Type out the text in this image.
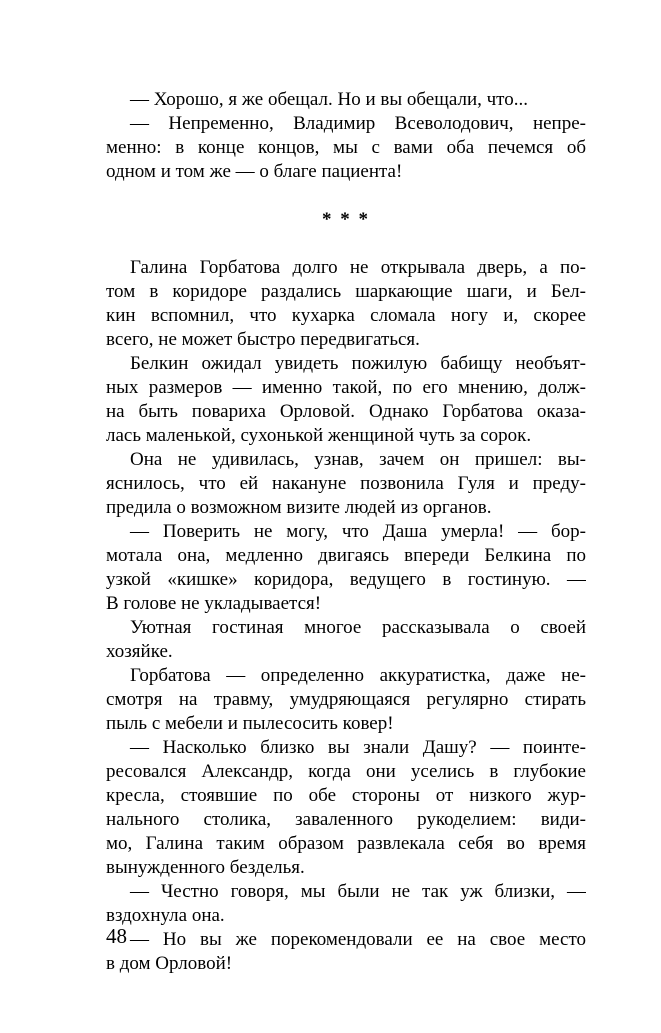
— Хорошо, я же обещал. Но и вы обещали, что...
— Непременно, Владимир Всеволодович, непре-
менно: в конце концов, мы с вами оба печемся об
одном и том же — о благе пациента!
* * *
Галина Горбатова долго не открывала дверь, а по-
том в коридоре раздались шаркающие шаги, и Бел-
кин вспомнил, что кухарка сломала ногу и, скорее
всего, не может быстро передвигаться.
Белкин ожидал увидеть пожилую бабищу необъят-
ных размеров — именно такой, по его мнению, долж-
на быть повариха Орловой. Однако Горбатова оказа-
лась маленькой, сухонькой женщиной чуть за сорок.
Она не удивилась, узнав, зачем он пришел: вы-
яснилось, что ей накануне позвонила Гуля и преду-
предила о возможном визите людей из органов.
— Поверить не могу, что Даша умерла! — бор-
мотала она, медленно двигаясь впереди Белкина по
узкой «кишке» коридора, ведущего в гостиную. —
В голове не укладывается!
Уютная гостиная многое рассказывала о своей
хозяйке.
Горбатова — определенно аккуратистка, даже не-
смотря на травму, умудряющаяся регулярно стирать
пыль с мебели и пылесосить ковер!
— Насколько близко вы знали Дашу? — поинте-
ресовался Александр, когда они уселись в глубокие
кресла, стоявшие по обе стороны от низкого жур-
нального столика, заваленного рукоделием: види-
мо, Галина таким образом развлекала себя во время
вынужденного безделья.
— Честно говоря, мы были не так уж близки, —
вздохнула она.
— Но вы же порекомендовали ее на свое место
в дом Орловой!
48
